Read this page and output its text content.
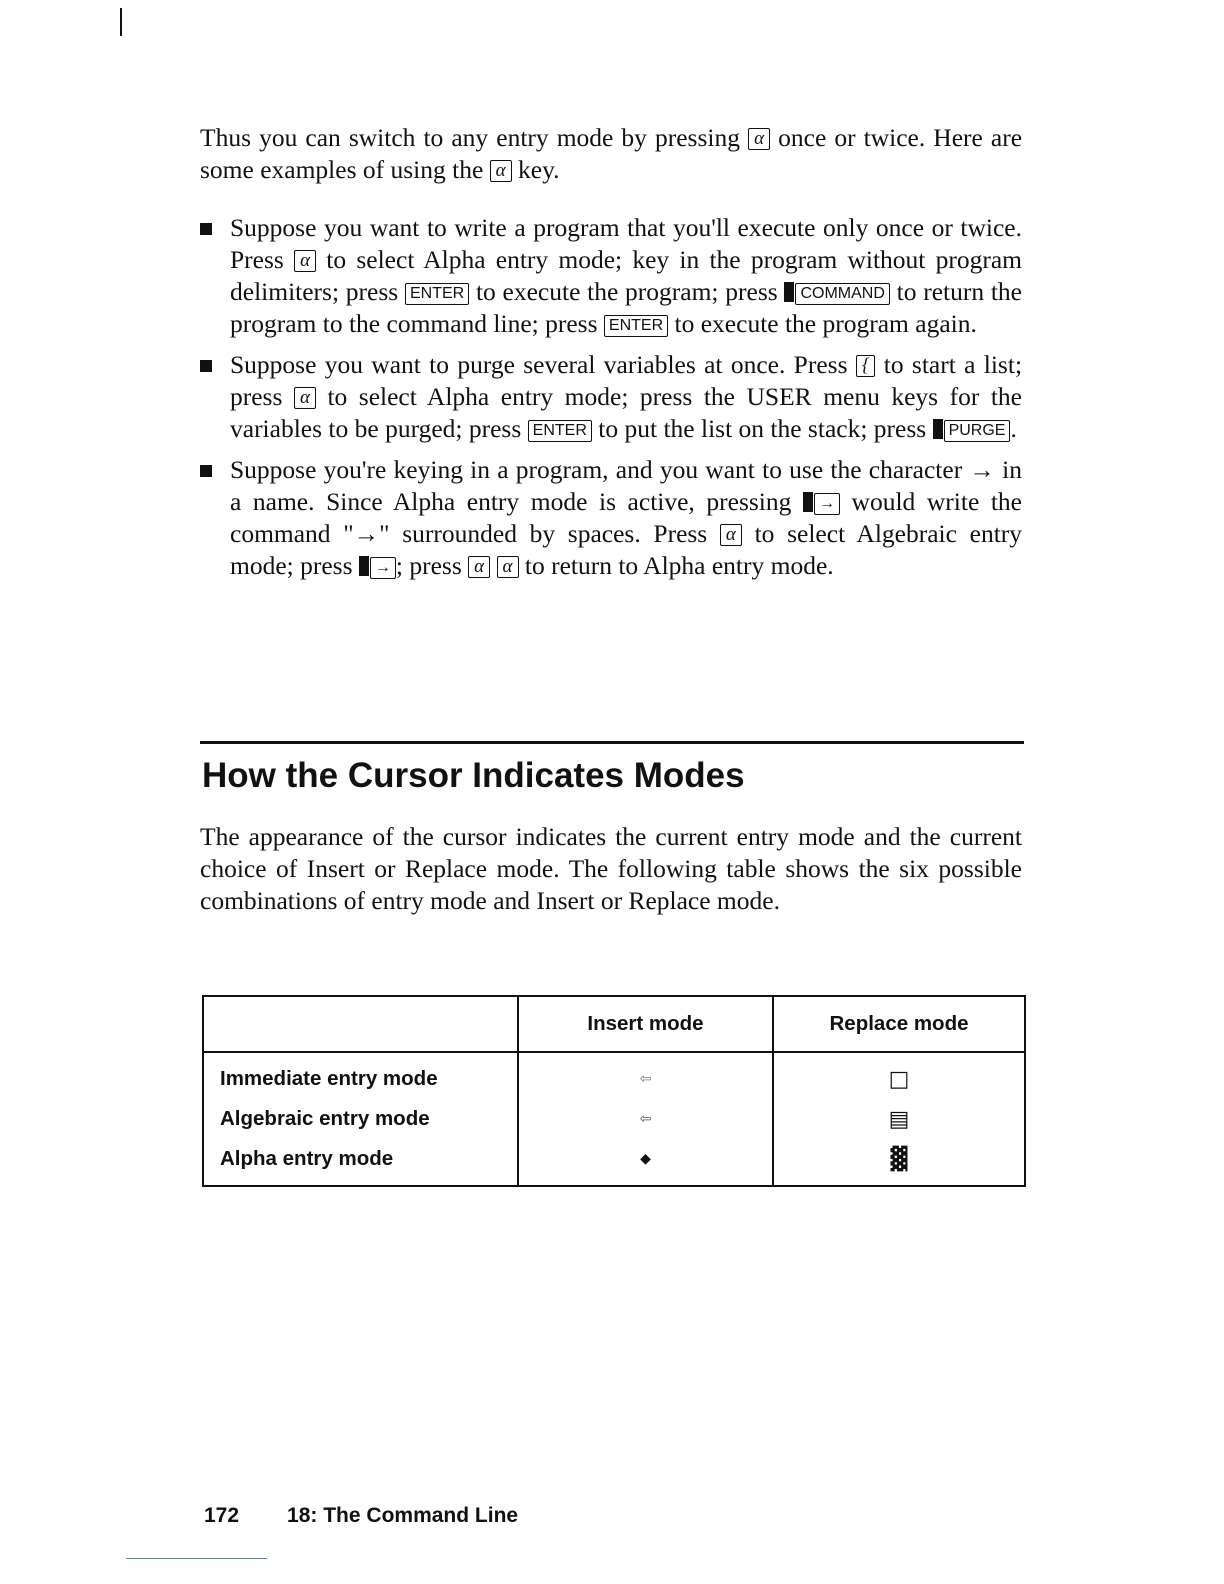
Thus you can switch to any entry mode by pressing α once or twice. Here are some examples of using the α key.
Suppose you want to write a program that you'll execute only once or twice. Press α to select Alpha entry mode; key in the program without program delimiters; press ENTER to execute the program; press COMMAND to return the program to the command line; press ENTER to execute the program again.
Suppose you want to purge several variables at once. Press { to start a list; press α to select Alpha entry mode; press the USER menu keys for the variables to be purged; press ENTER to put the list on the stack; press PURGE .
Suppose you're keying in a program, and you want to use the character → in a name. Since Alpha entry mode is active, pressing → would write the command "→" surrounded by spaces. Press α to select Algebraic entry mode; press → ; press α α to return to Alpha entry mode.
How the Cursor Indicates Modes
The appearance of the cursor indicates the current entry mode and the current choice of Insert or Replace mode. The following table shows the six possible combinations of entry mode and Insert or Replace mode.
	Insert mode	Replace mode
Immediate entry mode	⇦	□
Algebraic entry mode	⇦	▤
Alpha entry mode	◆	▓
172 18: The Command Line
